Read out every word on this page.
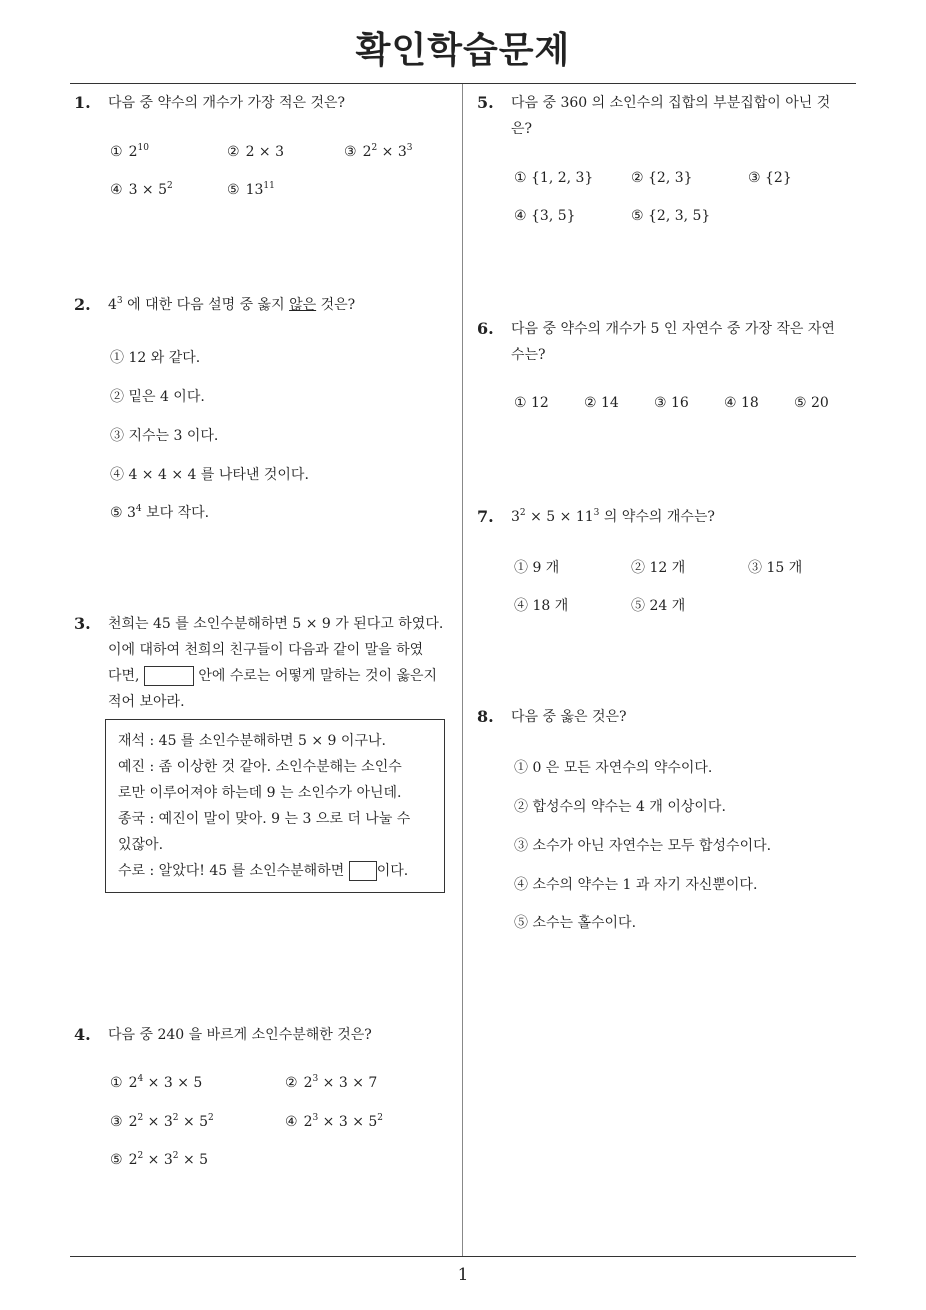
확인학습문제
1
1. 다음 중 약수의 개수가 가장 적은 것은?
① $2^{10}$	② 2 × 3	③ $2^2 \times 3^3$
④ $3 \times 5^2$	⑤ $13^{11}$
2. $4^3$ 에 대한 다음 설명 중 옳지 않은 것은?
① 12 와 같다.
② 밑은 4 이다.
③ 지수는 3 이다.
④ 4 × 4 × 4 를 나타낸 것이다.
⑤ $3^4$ 보다 작다.
3. 천희는 45 를 소인수분해하면 5 × 9 가 된다고 하였다.
이에 대하여 천희의 친구들이 다음과 같이 말을 하였
다면,	안에 수로는 어떻게 말하는 것이 옳은지
적어 보아라.
재석 : 45 를 소인수분해하면 5 × 9 이구나.
예진 : 좀 이상한 것 같아. 소인수분해는 소인수
로만 이루어져야 하는데 9 는 소인수가 아닌데.
종국 : 예진이 말이 맞아. 9 는 3 으로 더 나눌 수
있잖아.
수로 : 알았다! 45 를 소인수분해하면 이다.
4. 다음 중 240 을 바르게 소인수분해한 것은?
① $2^4 \times 3 \times 5$	② $2^3 \times 3 \times 7$
③ $2^2 \times 3^2 \times 5^2$	④ $2^3 \times 3 \times 5^2$
⑤ $2^2 \times 3^2 \times 5$
5. 다음 중 360 의 소인수의 집합의 부분집합이 아닌 것
은?
① {1, 2, 3}	② {2, 3}	③ {2}
④ {3, 5}	⑤ {2, 3, 5}
6. 다음 중 약수의 개수가 5 인 자연수 중 가장 작은 자연
수는?
① 12	② 14	③ 16	④ 18	⑤ 20
7. $3^2 \times 5 \times 11^3$ 의 약수의 개수는?
① 9 개	② 12 개	③ 15 개
④ 18 개	⑤ 24 개
8. 다음 중 옳은 것은?
① 0 은 모든 자연수의 약수이다.
② 합성수의 약수는 4 개 이상이다.
③ 소수가 아닌 자연수는 모두 합성수이다.
④ 소수의 약수는 1 과 자기 자신뿐이다.
⑤ 소수는 홀수이다.
